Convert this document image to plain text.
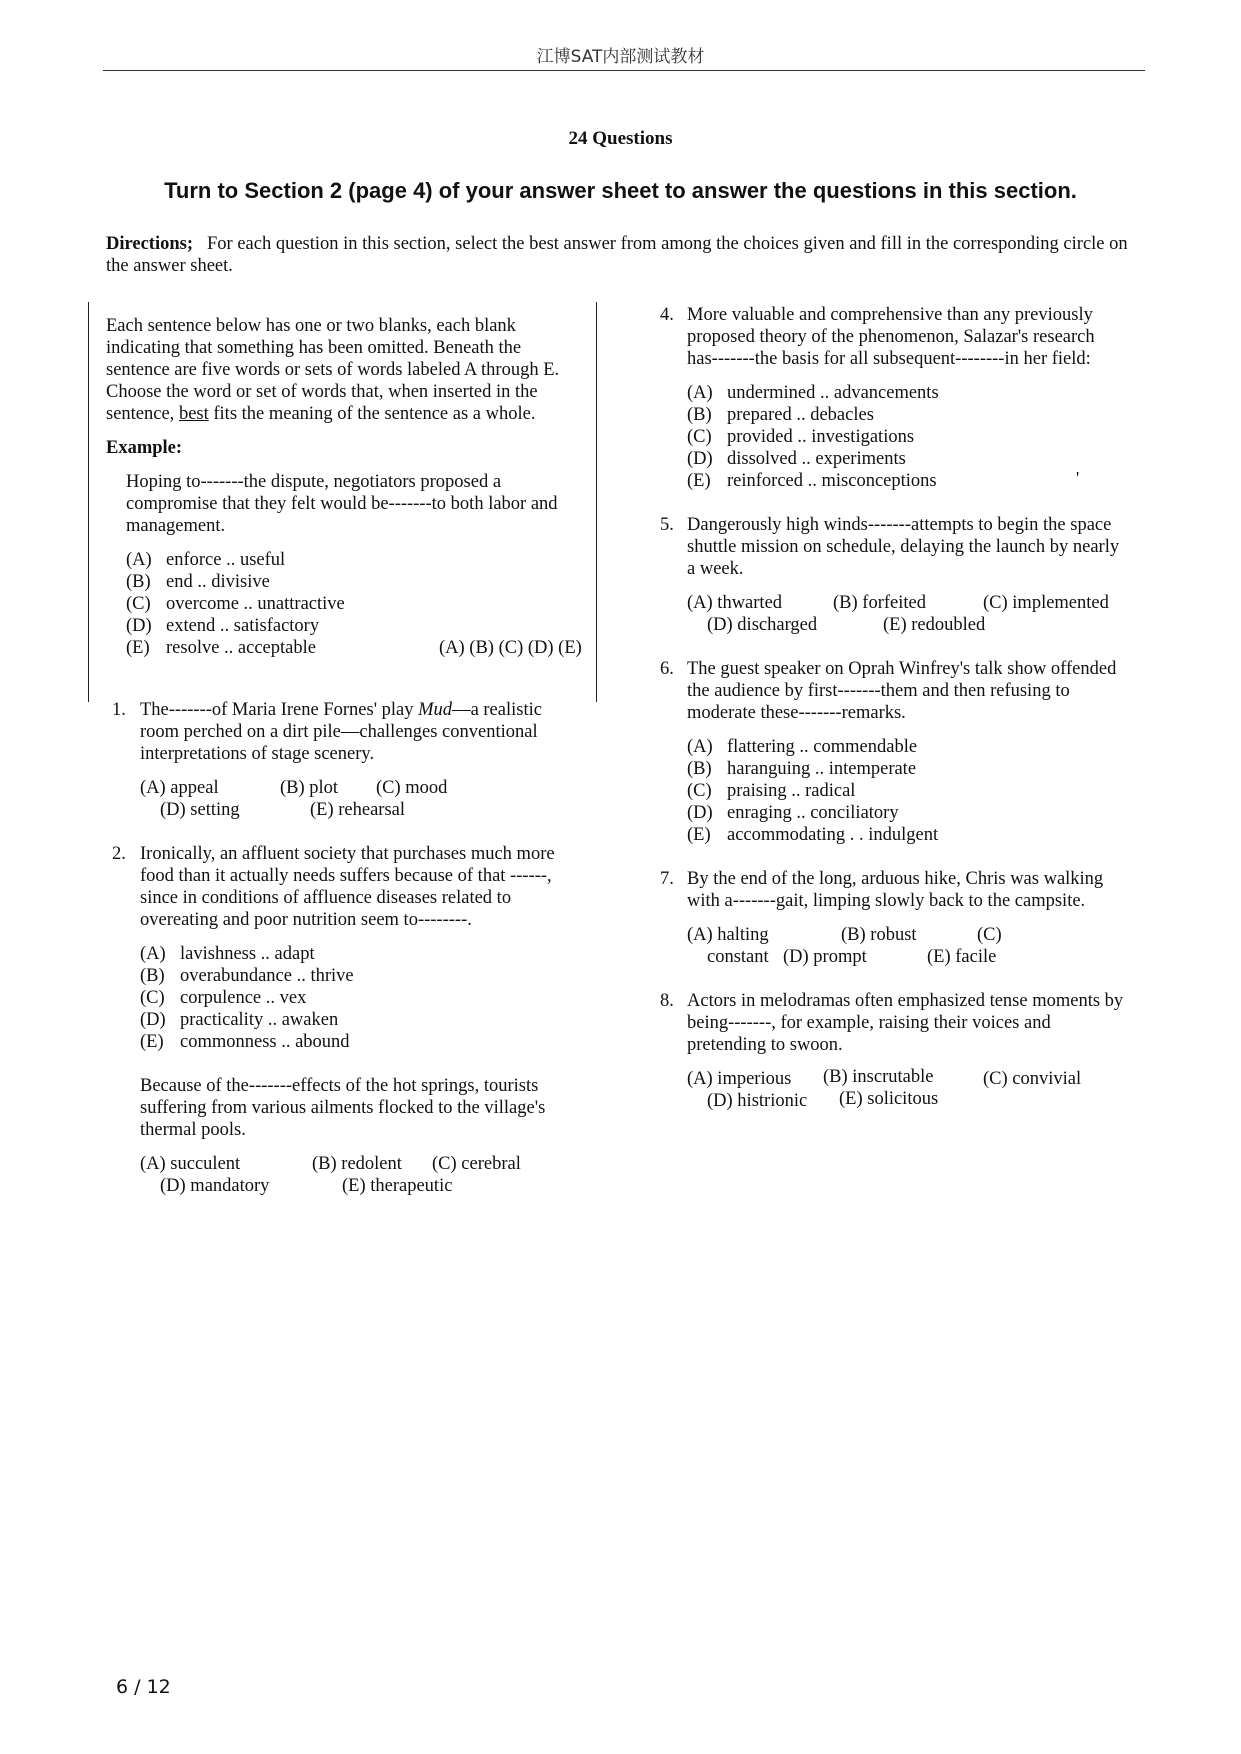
江博SAT内部测试教材
24 Questions
Turn to Section 2 (page 4) of your answer sheet to answer the questions in this section.
Directions; For each question in this section, select the best answer from among the choices given and fill in the corresponding circle on the answer sheet.

Each sentence below has one or two blanks, each blank indicating that something has been omitted. Beneath the sentence are five words or sets of words labeled A through E. Choose the word or set of words that, when inserted in the sentence, best fits the meaning of the sentence as a whole.

Example:

Hoping to-------the dispute, negotiators proposed a compromise that they felt would be-------to both labor and management.

(A) enforce .. useful
(B) end .. divisive
(C) overcome .. unattractive
(D) extend .. satisfactory
(E) resolve .. acceptable	(A) (B) (C) (D) (E)
1. The-------of Maria Irene Fornes' play Mud—a realistic room perched on a dirt pile—challenges conventional interpretations of stage scenery.

(A) appeal	(B) plot (C) mood
(D) setting	(E) rehearsal
2. Ironically, an affluent society that purchases much more food than it actually needs suffers because of that ------, since in conditions of affluence diseases related to overeating and poor nutrition seem to--------.

(A) lavishness .. adapt
(B) overabundance .. thrive
(C) corpulence .. vex
(D) practicality .. awaken
(E) commonness .. abound

Because of the-------effects of the hot springs, tourists suffering from various ailments flocked to the village's thermal pools.

(A) succulent	(B) redolent (C) cerebral
(D) mandatory	(E) therapeutic
4. More valuable and comprehensive than any previously proposed theory of the phenomenon, Salazar's research has-------the basis for all subsequent--------in her field:

(A) undermined .. advancements
(B) prepared .. debacles
(C) provided .. investigations
(D) dissolved .. experiments
(E) reinforced .. misconceptions
5. Dangerously high winds-------attempts to begin the space shuttle mission on schedule, delaying the launch by nearly a week.

(A) thwarted	(B) forfeited	(C) implemented
(D) discharged	(E) redoubled
6. The guest speaker on Oprah Winfrey's talk show offended the audience by first-------them and then refusing to moderate these-------remarks.

(A) flattering .. commendable
(B) haranguing .. intemperate
(C) praising .. radical
(D) enraging .. conciliatory
(E) accommodating . . indulgent
7. By the end of the long, arduous hike, Chris was walking with a-------gait, limping slowly back to the campsite.

(A) halting	(B) robust	(C)
constant (D) prompt	(E) facile
8. Actors in melodramas often emphasized tense moments by being-------, for example, raising their voices and pretending to swoon.

(A) imperious (B) inscrutable	(C) convivial
(D) histrionic (E) solicitous
'
6 / 12
